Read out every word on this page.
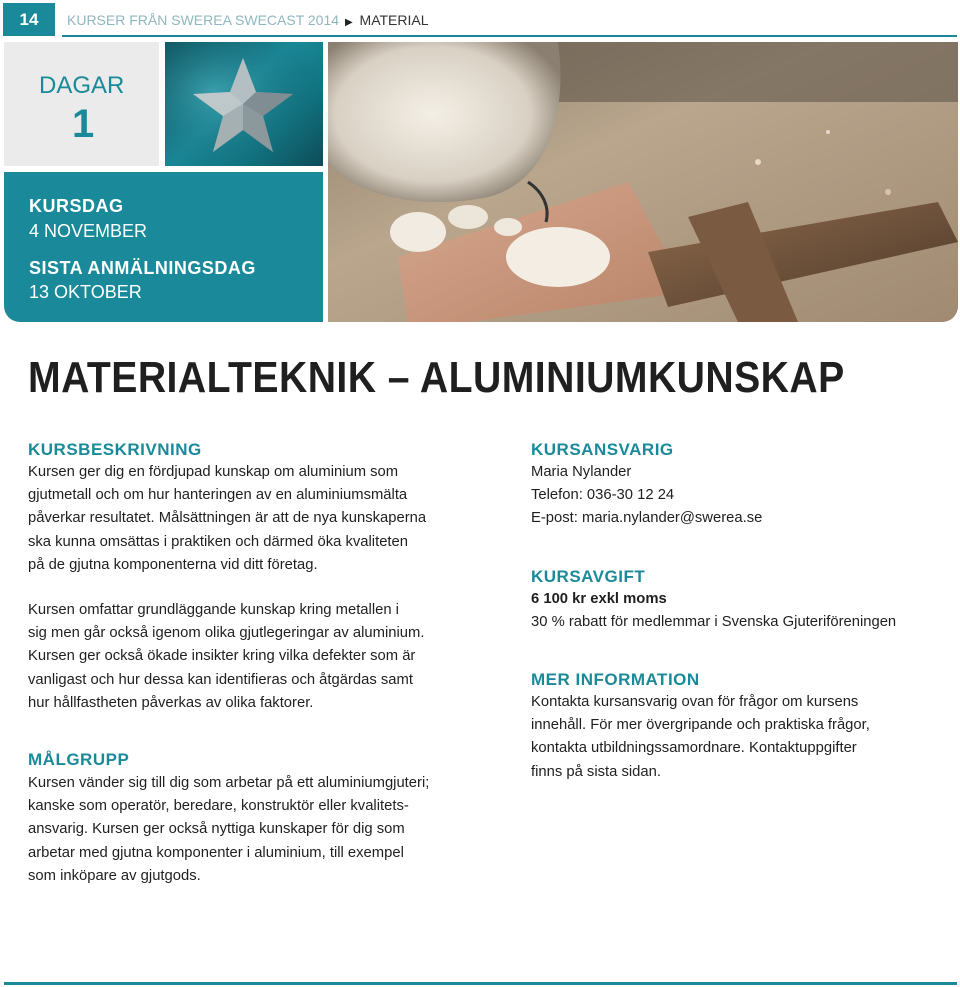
14	KURSER FRÅN SWEREA SWECAST 2014 ▶ MATERIAL
DAGAR
1
KURSDAG
4 NOVEMBER
SISTA ANMÄLNINGSDAG
13 OKTOBER
MATERIALTEKNIK – ALUMINIUMKUNSKAP
KURSBESKRIVNING
Kursen ger dig en fördjupad kunskap om aluminium som
gjutmetall och om hur hanteringen av en aluminiumsmälta
påverkar resultatet. Målsättningen är att de nya kunskaperna
ska kunna omsättas i praktiken och därmed öka kvaliteten
på de gjutna komponenterna vid ditt företag.
Kursen omfattar grundläggande kunskap kring metallen i
sig men går också igenom olika gjutlegeringar av aluminium.
Kursen ger också ökade insikter kring vilka defekter som är
vanligast och hur dessa kan identifieras och åtgärdas samt
hur hållfastheten påverkas av olika faktorer.
MÅLGRUPP
Kursen vänder sig till dig som arbetar på ett aluminiumgjuteri;
kanske som operatör, beredare, konstruktör eller kvalitets-
ansvarig. Kursen ger också nyttiga kunskaper för dig som
arbetar med gjutna komponenter i aluminium, till exempel
som inköpare av gjutgods.
KURSANSVARIG
Maria Nylander
Telefon: 036-30 12 24
E-post: maria.nylander@swerea.se
KURSAVGIFT
6 100 kr exkl moms
30 % rabatt för medlemmar i Svenska Gjuteriföreningen
MER INFORMATION
Kontakta kursansvarig ovan för frågor om kursens
innehåll. För mer övergripande och praktiska frågor,
kontakta utbildningssamordnare. Kontaktuppgifter
finns på sista sidan.
